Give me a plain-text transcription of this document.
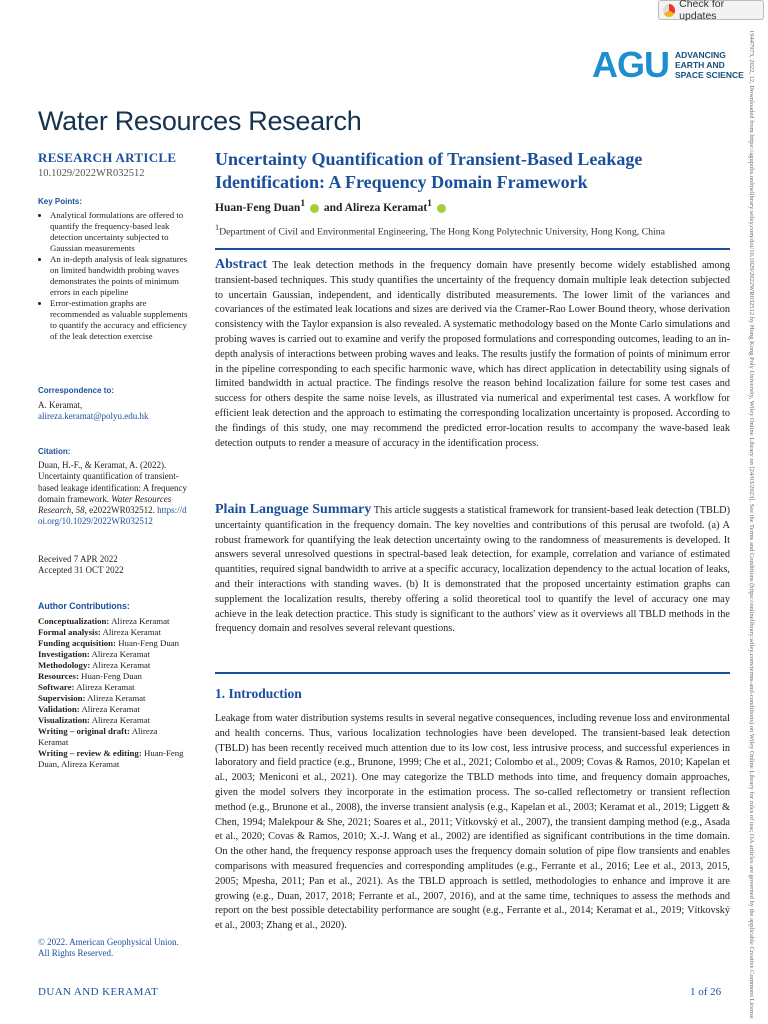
Check for updates
AGU ADVANCING
EARTH AND
SPACE SCIENCE 19447973, 2022, 12, Downloaded from https://agupubs.onlinelibrary.wiley.com/doi/10.1029/2022WR032512 by Hong Kong Poly University, Wiley Online Library on [24/03/2023]. See the Terms and Conditions (https://onlinelibrary.wiley.com/terms-and-conditions) on Wiley Online Library for rules of use; OA articles are governed by the applicable Creative Commons License
Water Resources Research
RESEARCH ARTICLE
10.1029/2022WR032512
Key Points:
• Analytical formulations are offered to quantify the frequency-based leak detection uncertainty subjected to Gaussian measurements
• An in-depth analysis of leak signatures on limited bandwidth probing waves demonstrates the points of minimum errors in each pipeline
• Error-estimation graphs are recommended as valuable supplements to quantify the accuracy and efficiency of the leak detection exercise
Correspondence to:
A. Keramat,
alireza.keramat@polyu.edu.hk
Citation:
Duan, H.-F., & Keramat, A. (2022). Uncertainty quantification of transient-based leakage identification: A frequency domain framework. Water Resources Research, 58, e2022WR032512. https://doi.org/10.1029/2022WR032512
Received 7 APR 2022
Accepted 31 OCT 2022
Author Contributions:
Conceptualization: Alireza Keramat
Formal analysis: Alireza Keramat
Funding acquisition: Huan-Feng Duan
Investigation: Alireza Keramat
Methodology: Alireza Keramat
Resources: Huan-Feng Duan
Software: Alireza Keramat
Supervision: Alireza Keramat
Validation: Alireza Keramat
Visualization: Alireza Keramat
Writing – original draft: Alireza Keramat
Writing – review & editing: Huan-Feng Duan, Alireza Keramat
© 2022. American Geophysical Union.
All Rights Reserved.
Uncertainty Quantification of Transient-Based Leakage Identification: A Frequency Domain Framework
Huan-Feng Duan$^1$ and Alireza Keramat$^1$
$^1$Department of Civil and Environmental Engineering, The Hong Kong Polytechnic University, Hong Kong, China
Abstract The leak detection methods in the frequency domain have presently become widely established among transient-based techniques. This study quantifies the uncertainty of the frequency domain multiple leak detection subjected to uncertain Gaussian, independent, and identically distributed measurements. The lower limit of the variances and covariances of the estimated leak locations and sizes are derived via the Cramer-Rao Lower Bound theory, whose derivation consistency with the Taylor expansion is also revealed. A systematic methodology based on the Monte Carlo simulations and probing waves is carried out to examine and verify the proposed formulations and corresponding outcomes, leading to an in-depth analysis of interactions between probing waves and leaks. The results justify the formation of points of minimum error in the pipeline corresponding to each specific harmonic wave, which has direct application in detectability using signals of limited bandwidth in actual practice. The findings resolve the reason behind localization failure for some test cases and success for others despite the same noise levels, as illustrated via numerical and experimental test cases. A workflow for efficient leak detection and the approach to estimating the corresponding localization uncertainty is proposed. According to the findings of this study, one may recommend the predicted error-location results to accompany the wave-based leak detection outputs to render a measure of accuracy in the identification process.
Plain Language Summary This article suggests a statistical framework for transient-based leak detection (TBLD) uncertainty quantification in the frequency domain. The key novelties and contributions of this perusal are twofold. (a) A robust framework for quantifying the leak detection uncertainty owing to the randomness of measurements is developed. It answers several unresolved questions in spectral-based leak detection, for example, correlation and variance of estimated quantities, required signal bandwidth to arrive at a specific accuracy, localization dependency to the actual location of leaks, and their interactions with standing waves. (b) It is demonstrated that the proposed uncertainty estimation graphs can supplement the localization results, thereby offering a solid theoretical tool to quantify the level of accuracy one may achieve in the leak detection practice. This study is significant to the authors' view as it overviews all TBLD methods in the frequency domain and resolves several relevant questions.
1. Introduction
Leakage from water distribution systems results in several negative consequences, including revenue loss and environmental and health concerns. Thus, various localization technologies have been developed. The transient-based leak detection (TBLD) has been recently received much attention due to its low cost, less intrusive process, and successful experiences in laboratory and field practice (e.g., Brunone, 1999; Che et al., 2021; Colombo et al., 2009; Covas & Ramos, 2010; Kapelan et al., 2003; Meniconi et al., 2021). One may categorize the TBLD methods into time, and frequency domain approaches, given the model solvers they incorporate in the estimation process. The so-called reflectometry or transient reflection method (e.g., Brunone et al., 2008), the inverse transient analysis (e.g., Kapelan et al., 2003; Keramat et al., 2019; Liggett & Chen, 1994; Malekpour & She, 2021; Soares et al., 2011; Vítkovský et al., 2007), the transient damping method (e.g., Asada et al., 2020; Covas & Ramos, 2010; X.-J. Wang et al., 2002) are identified as significant contributions in the time domain. On the other hand, the frequency response approach uses the frequency domain solution of pipe flow transients and enables comparisons with measured frequencies and corresponding amplitudes (e.g., Ferrante et al., 2016; Lee et al., 2013, 2015, 2005; Mpesha, 2011; Pan et al., 2021). As the TBLD approach is settled, methodologies to enhance and improve it are growing (e.g., Duan, 2017, 2018; Ferrante et al., 2007, 2016), and at the same time, techniques to assess the methods and report on the best possible detectability performance are sought (e.g., Ferrante et al., 2014; Keramat et al., 2019; Vítkovský et al., 2003; Zhang et al., 2020).
DUAN AND KERAMAT	1 of 26
